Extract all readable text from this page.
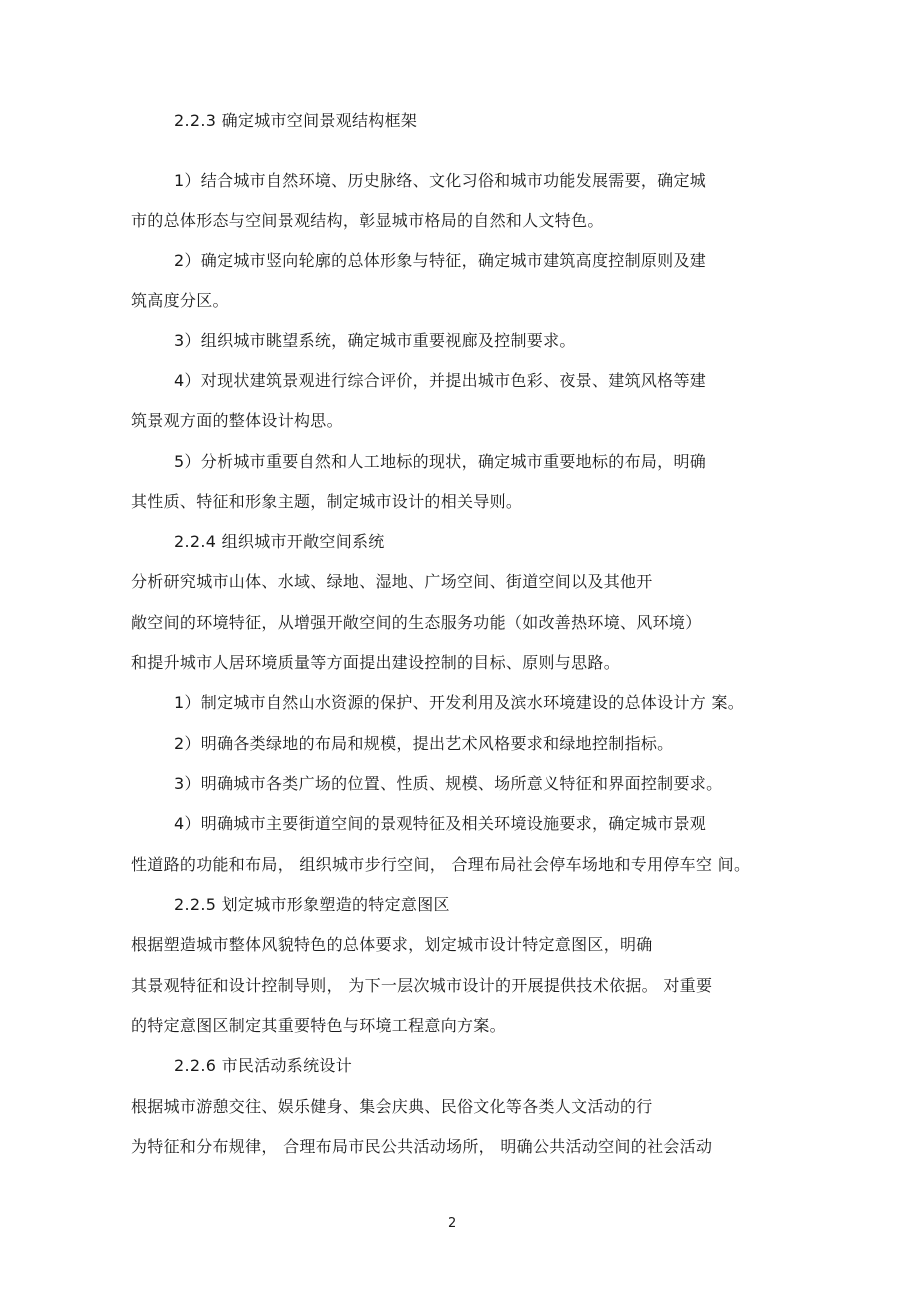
2.2.3 确定城市空间景观结构框架
1）结合城市自然环境、历史脉络、文化习俗和城市功能发展需要，确定城
市的总体形态与空间景观结构，彰显城市格局的自然和人文特色。
2）确定城市竖向轮廓的总体形象与特征，确定城市建筑高度控制原则及建
筑高度分区。
3）组织城市眺望系统，确定城市重要视廊及控制要求。
4）对现状建筑景观进行综合评价，并提出城市色彩、夜景、建筑风格等建
筑景观方面的整体设计构思。
5）分析城市重要自然和人工地标的现状，确定城市重要地标的布局，明确
其性质、特征和形象主题，制定城市设计的相关导则。
2.2.4 组织城市开敞空间系统
分析研究城市山体、水域、绿地、湿地、广场空间、街道空间以及其他开
敞空间的环境特征，从增强开敞空间的生态服务功能（如改善热环境、风环境）
和提升城市人居环境质量等方面提出建设控制的目标、原则与思路。
1）制定城市自然山水资源的保护、开发利用及滨水环境建设的总体设计方 案。
2）明确各类绿地的布局和规模，提出艺术风格要求和绿地控制指标。
3）明确城市各类广场的位置、性质、规模、场所意义特征和界面控制要求。
4）明确城市主要街道空间的景观特征及相关环境设施要求，确定城市景观
性道路的功能和布局， 组织城市步行空间， 合理布局社会停车场地和专用停车空 间。
2.2.5 划定城市形象塑造的特定意图区
根据塑造城市整体风貌特色的总体要求，划定城市设计特定意图区，明确
其景观特征和设计控制导则， 为下一层次城市设计的开展提供技术依据。 对重要
的特定意图区制定其重要特色与环境工程意向方案。
2.2.6 市民活动系统设计
根据城市游憩交往、娱乐健身、集会庆典、民俗文化等各类人文活动的行
为特征和分布规律， 合理布局市民公共活动场所， 明确公共活动空间的社会活动
2
